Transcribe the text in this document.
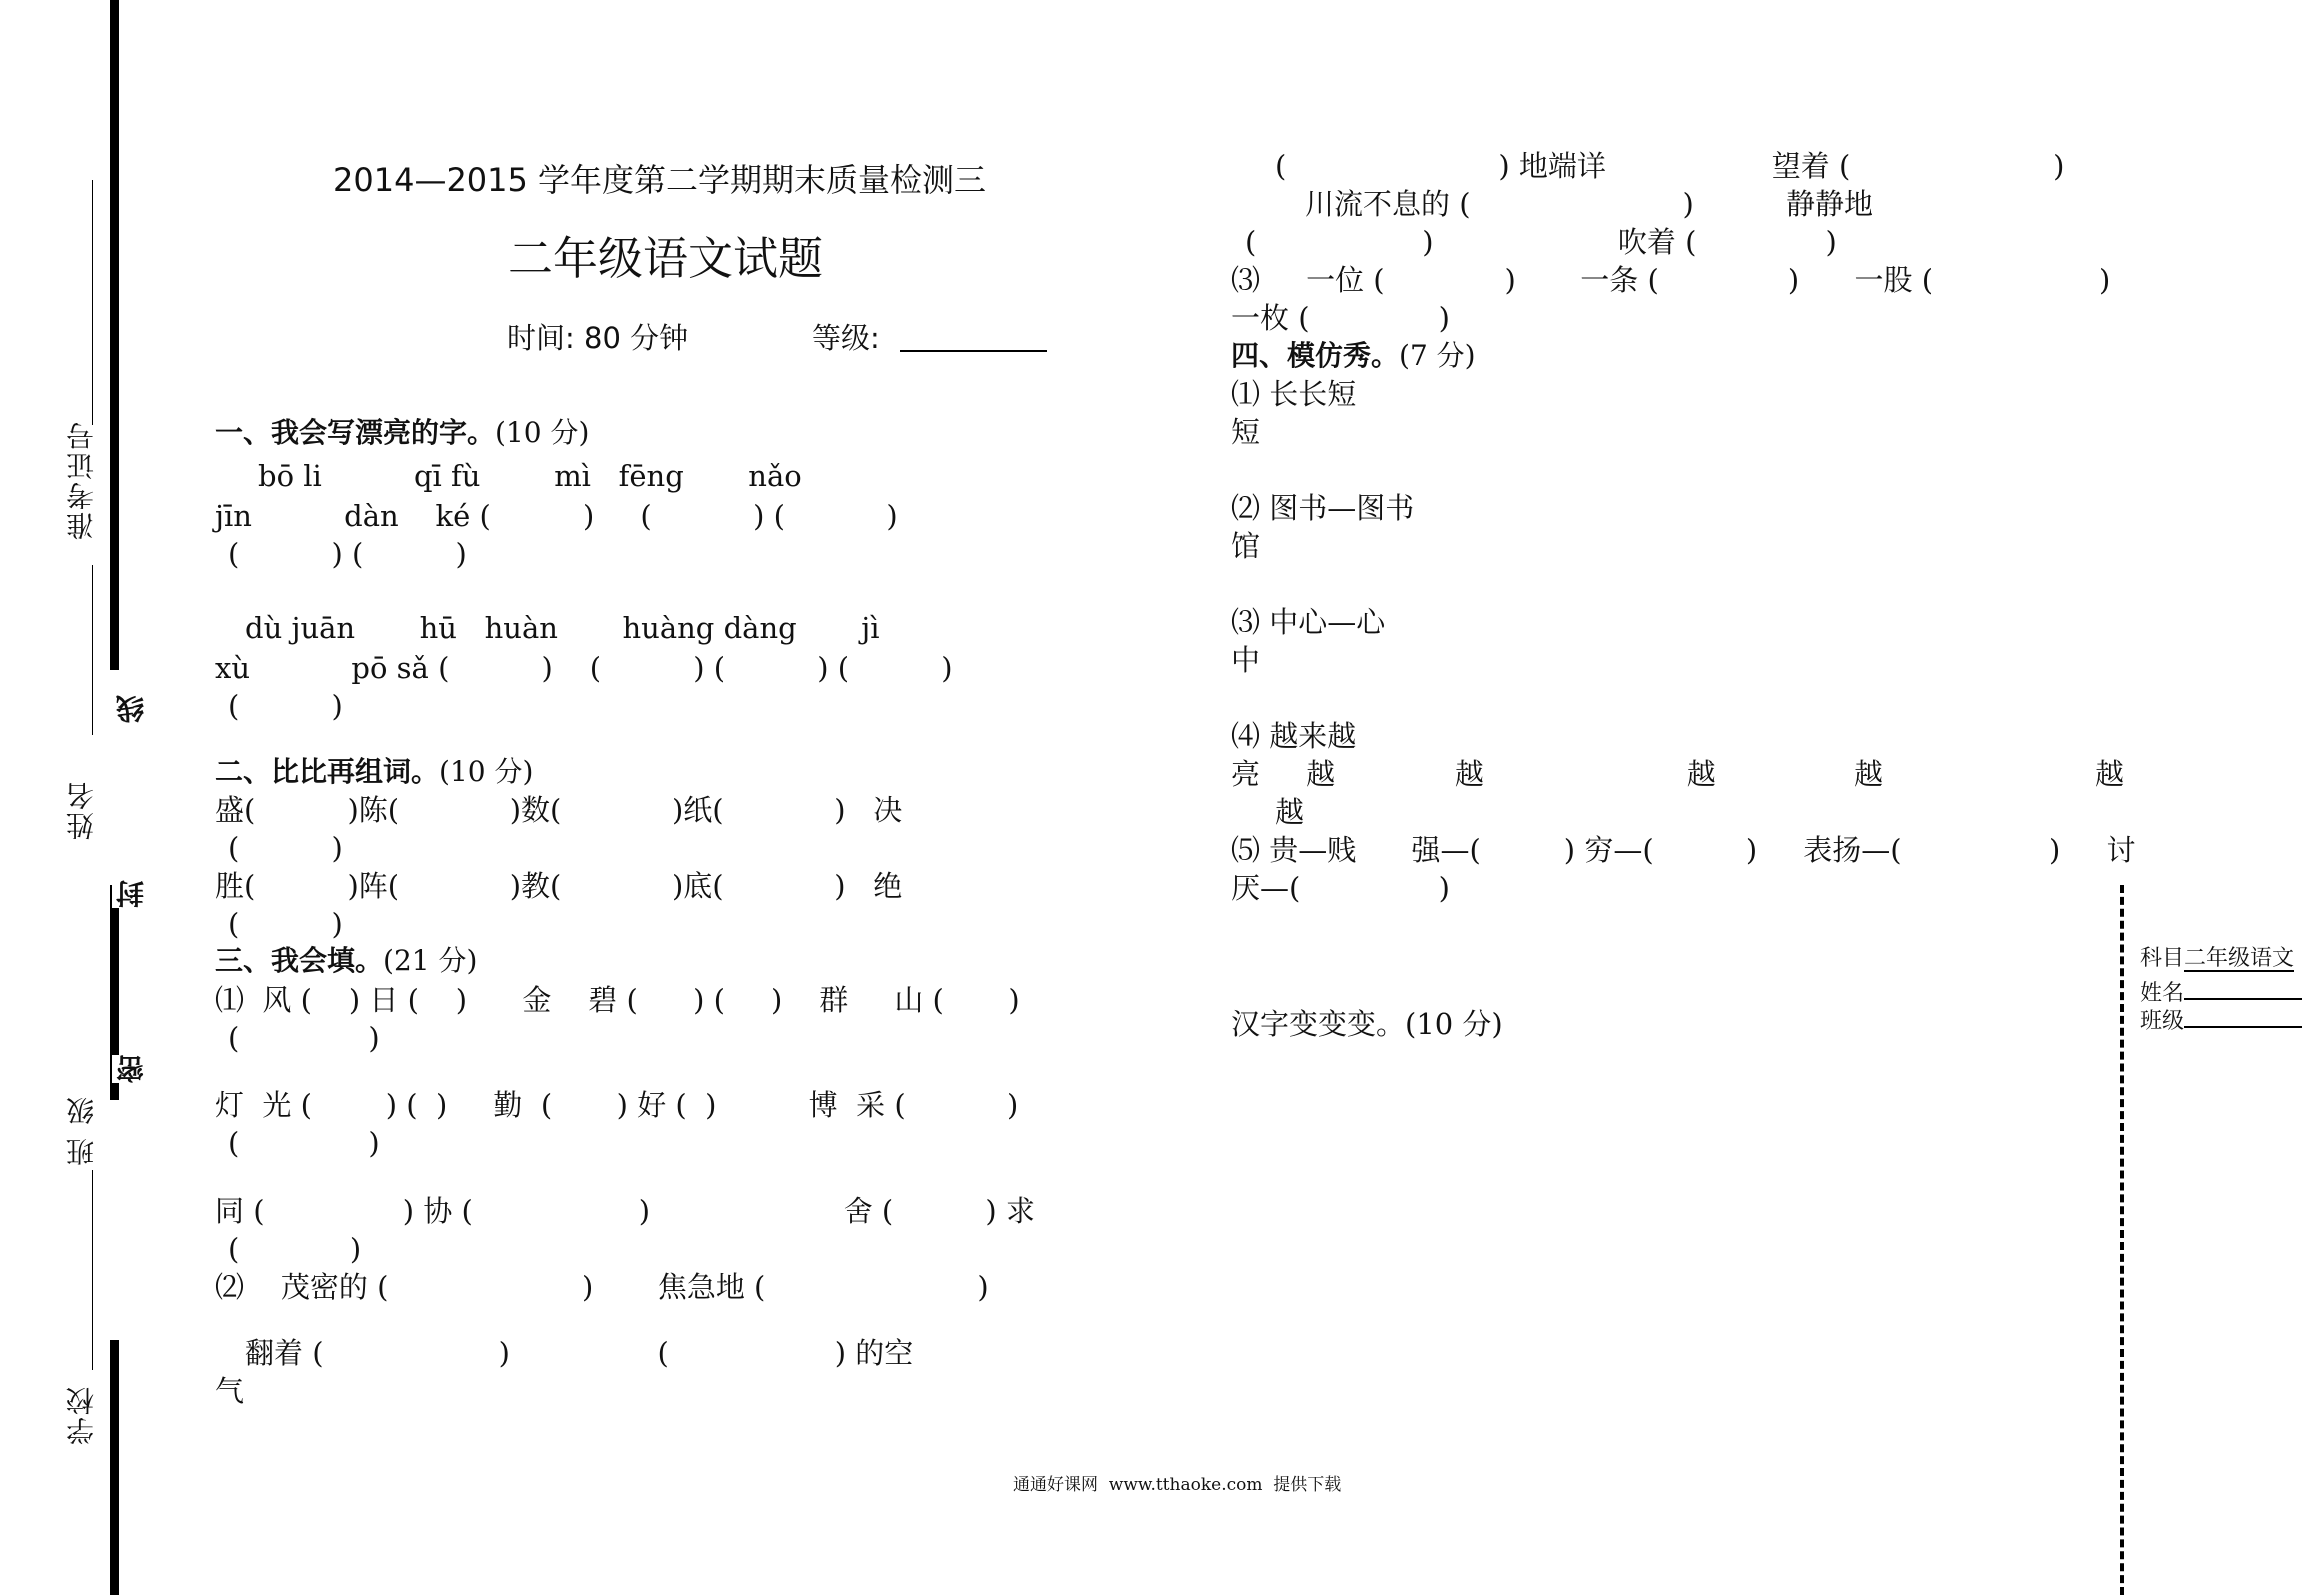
准考证号
姓名
班 级
学校
线
封
密
2014—2015 学年度第二学期期末质量检测三
二年级语文试题
时间: 80 分钟	等级:
一、我会写漂亮的字。(10 分)
bō li          qī fù        mì   fēng       nǎo
jīn          dàn    ké (          )     (           ) (           )
(          ) (          )
dù juān       hū   huàn       huàng dàng       jì
xù           pō sǎ (          )    (          ) (          ) (          )
(          )
二、比比再组词。(10 分)
盛(          )陈(            )数(            )纸(            )   决
(          )
胜(          )阵(            )教(            )底(            )   绝
(          )
三、我会填。(21 分)
⑴  风 (    ) 日 (    )      金    碧 (      ) (     )    群     山 (       )
(              )
灯  光 (        ) (  )     勤  (       ) 好 (  )          博  采 (           )
(              )
同 (               ) 协 (                  )                     舍 (          ) 求
(            )
⑵    茂密的 (                     )       焦急地 (                       )
翻着 (                   )                (                  ) 的空
气
(                       ) 地端详                  望着 (                      )
川流不息的 (                       )          静静地
(                  )                    吹着 (              )
⑶     一位 (             )       一条 (              )      一股 (                  )
一枚 (              )
四、模仿秀。(7 分)
⑴ 长长短
短
⑵ 图书—图书
馆
⑶ 中心—心
中
⑷ 越来越
亮     越             越                      越               越                       越
越
⑸ 贵—贱      强—(         ) 穷—(          )     表扬—(                )     讨
厌—(               )
汉字变变变。(10 分)
科目二年级语文
姓名
班级
通通好课网  www.tthaoke.com  提供下载
